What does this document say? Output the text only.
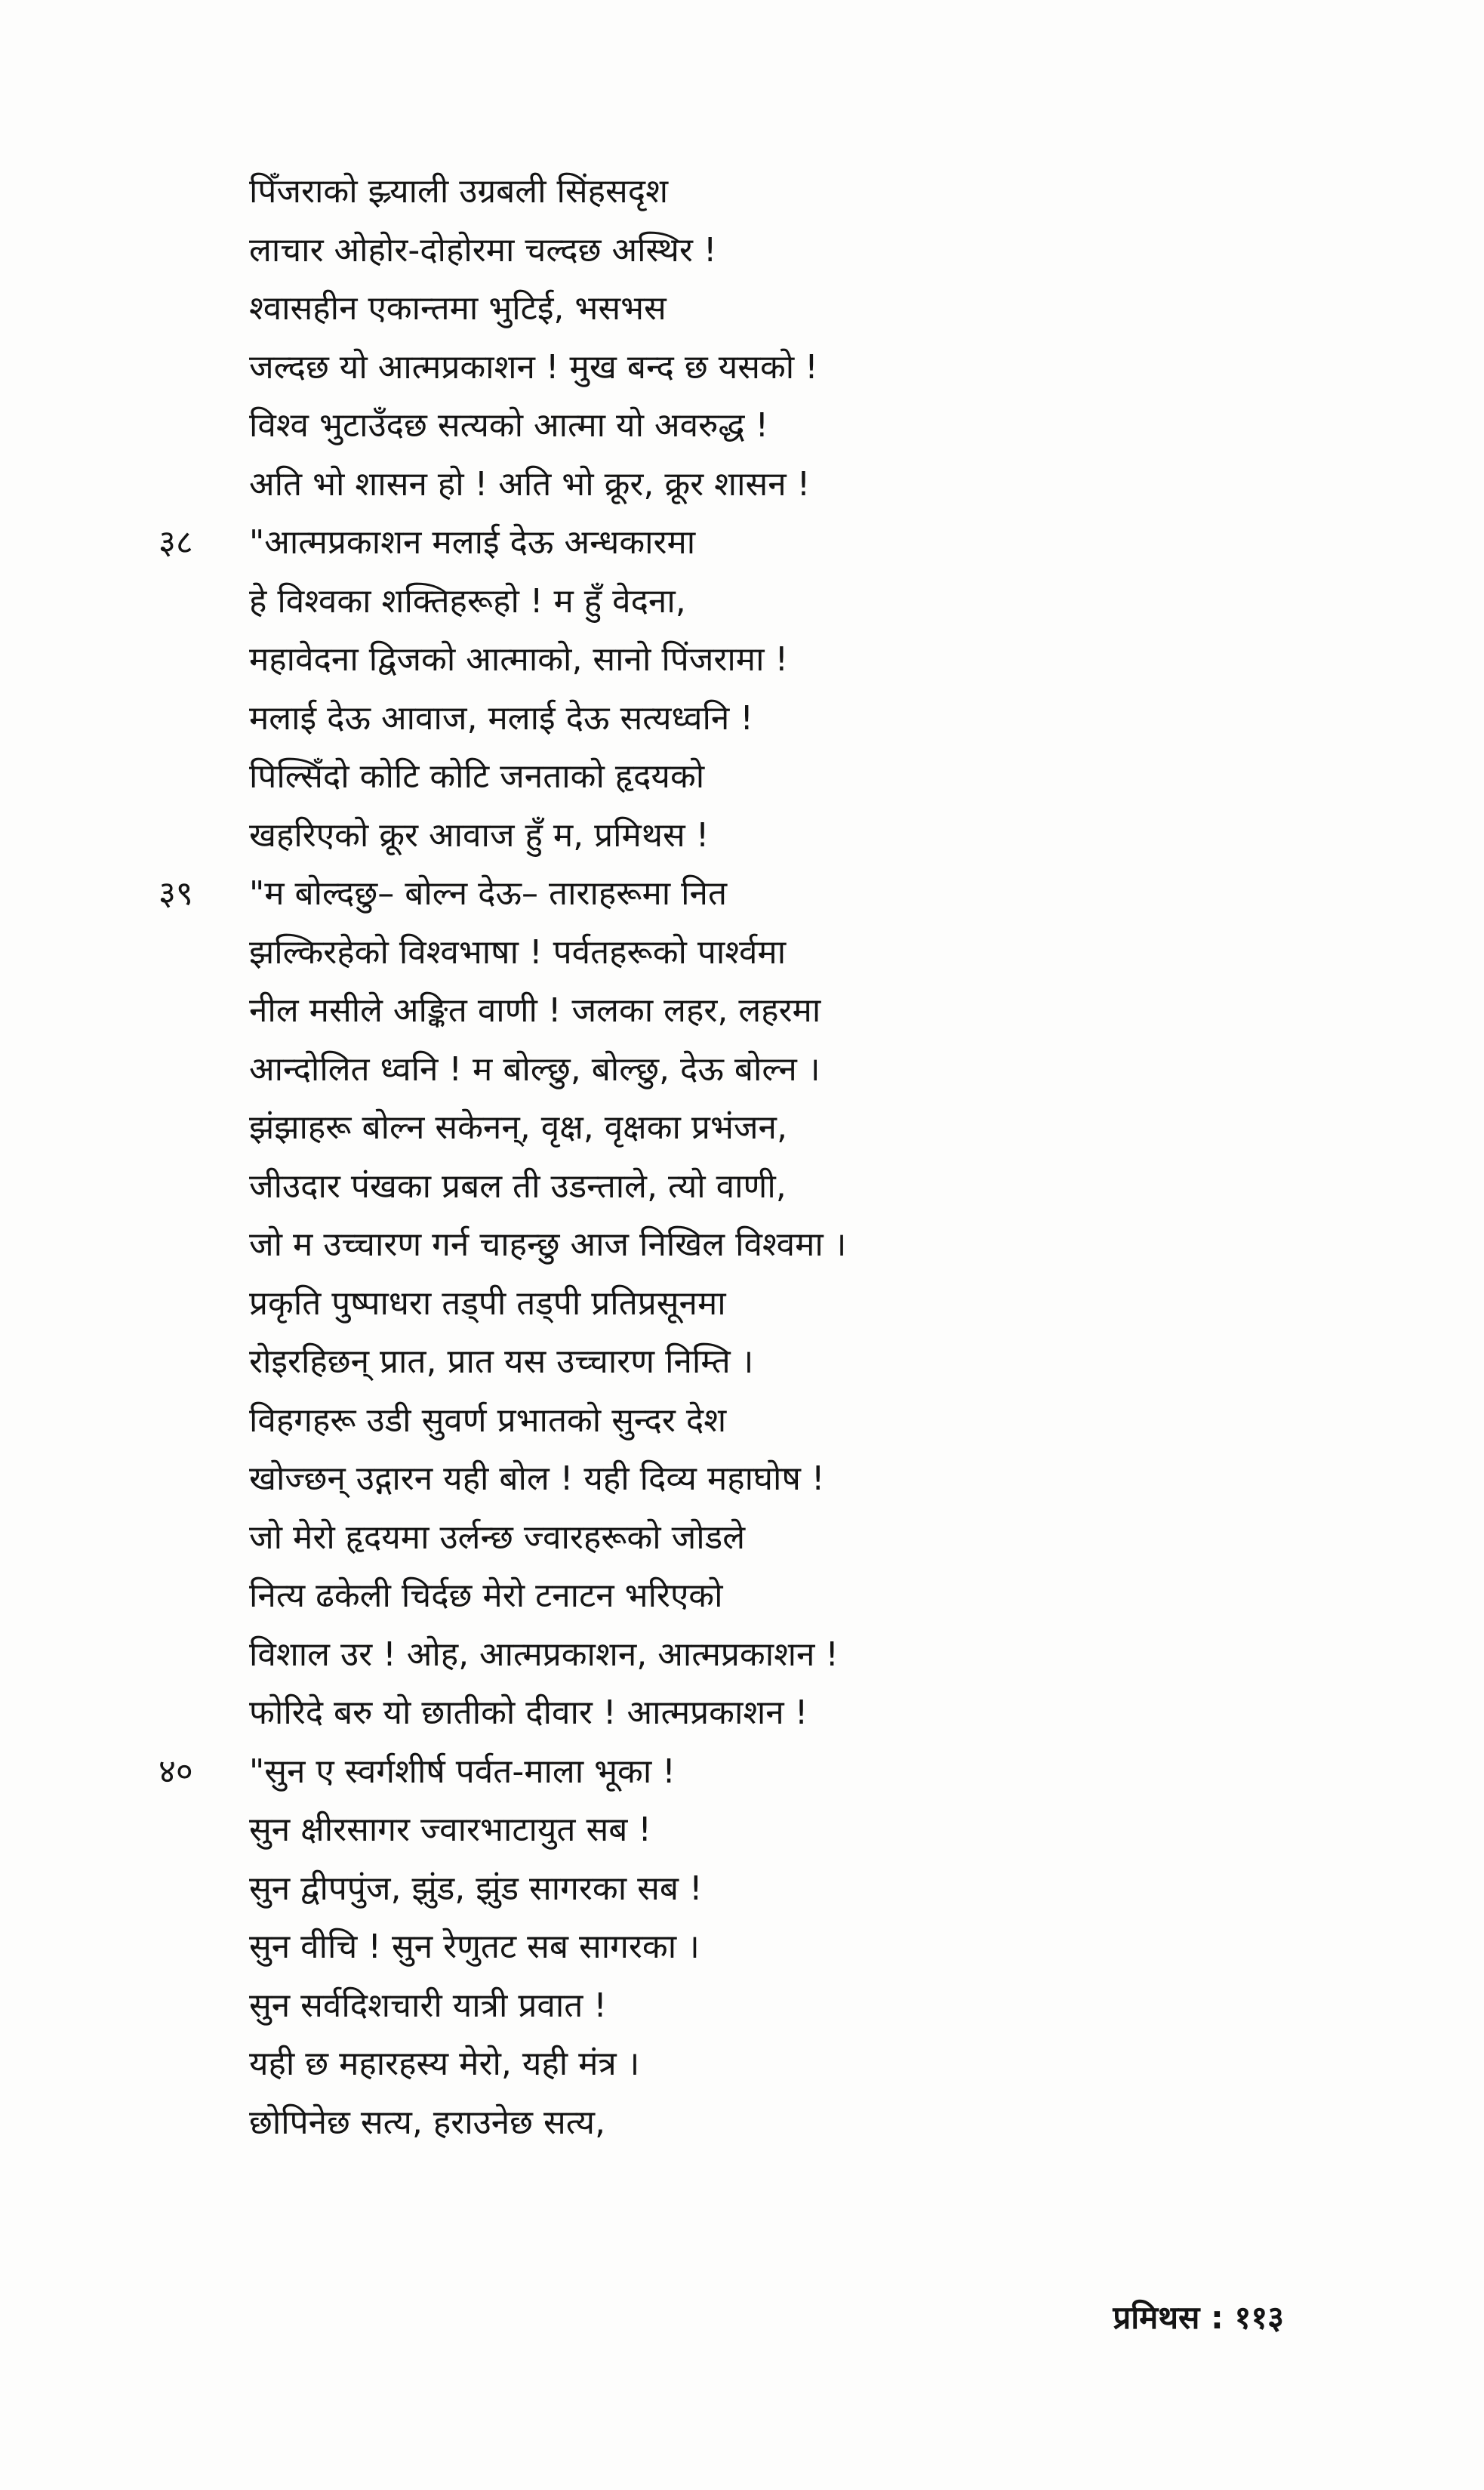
पिँजराको झ्र्याली उग्रबली सिंहसदृश
लाचार ओहोर-दोहोरमा चल्दछ अस्थिर !
श्वासहीन एकान्तमा भुटिई, भसभस
जल्दछ यो आत्मप्रकाशन ! मुख बन्द छ यसको !
विश्व भुटाउँदछ सत्यको आत्मा यो अवरुद्ध !
अति भो शासन हो ! अति भो क्रूर, क्रूर शासन !
३८	"आत्मप्रकाशन मलाई देऊ अन्धकारमा
हे विश्वका शक्तिहरूहो ! म हुँ वेदना,
महावेदना द्विजको आत्माको, सानो पिंजरामा !
मलाई देऊ आवाज, मलाई देऊ सत्यध्वनि !
पिल्सिँदो कोटि कोटि जनताको हृदयको
खहरिएको क्रूर आवाज हुँ म, प्रमिथस !
३९	"म बोल्दछु– बोल्न देऊ– ताराहरूमा नित
झल्किरहेको विश्वभाषा ! पर्वतहरूको पार्श्वमा
नील मसीले अङ्कित वाणी ! जलका लहर, लहरमा
आन्दोलित ध्वनि ! म बोल्छु, बोल्छु, देऊ बोल्न ।
झंझाहरू बोल्न सकेनन्, वृक्ष, वृक्षका प्रभंजन,
जीउदार पंखका प्रबल ती उडन्ताले, त्यो वाणी,
जो म उच्चारण गर्न चाहन्छु आज निखिल विश्वमा ।
प्रकृति पुष्पाधरा तड्पी तड्पी प्रतिप्रसूनमा
रोइरहिछन् प्रात, प्रात यस उच्चारण निम्ति ।
विहगहरू उडी सुवर्ण प्रभातको सुन्दर देश
खोज्छन् उद्गारन यही बोल ! यही दिव्य महाघोष !
जो मेरो हृदयमा उर्लन्छ ज्वारहरूको जोडले
नित्य ढकेली चिर्दछ मेरो टनाटन भरिएको
विशाल उर ! ओह, आत्मप्रकाशन, आत्मप्रकाशन !
फोरिदे बरु यो छातीको दीवार ! आत्मप्रकाशन !
४०	"सुन ए स्वर्गशीर्ष पर्वत-माला भूका !
सुन क्षीरसागर ज्वारभाटायुत सब !
सुन द्वीपपुंज, झुंड, झुंड सागरका सब !
सुन वीचि ! सुन रेणुतट सब सागरका ।
सुन सर्वदिशचारी यात्री प्रवात !
यही छ महारहस्य मेरो, यही मंत्र ।
छोपिनेछ सत्य, हराउनेछ सत्य,
प्रमिथस : ११३
